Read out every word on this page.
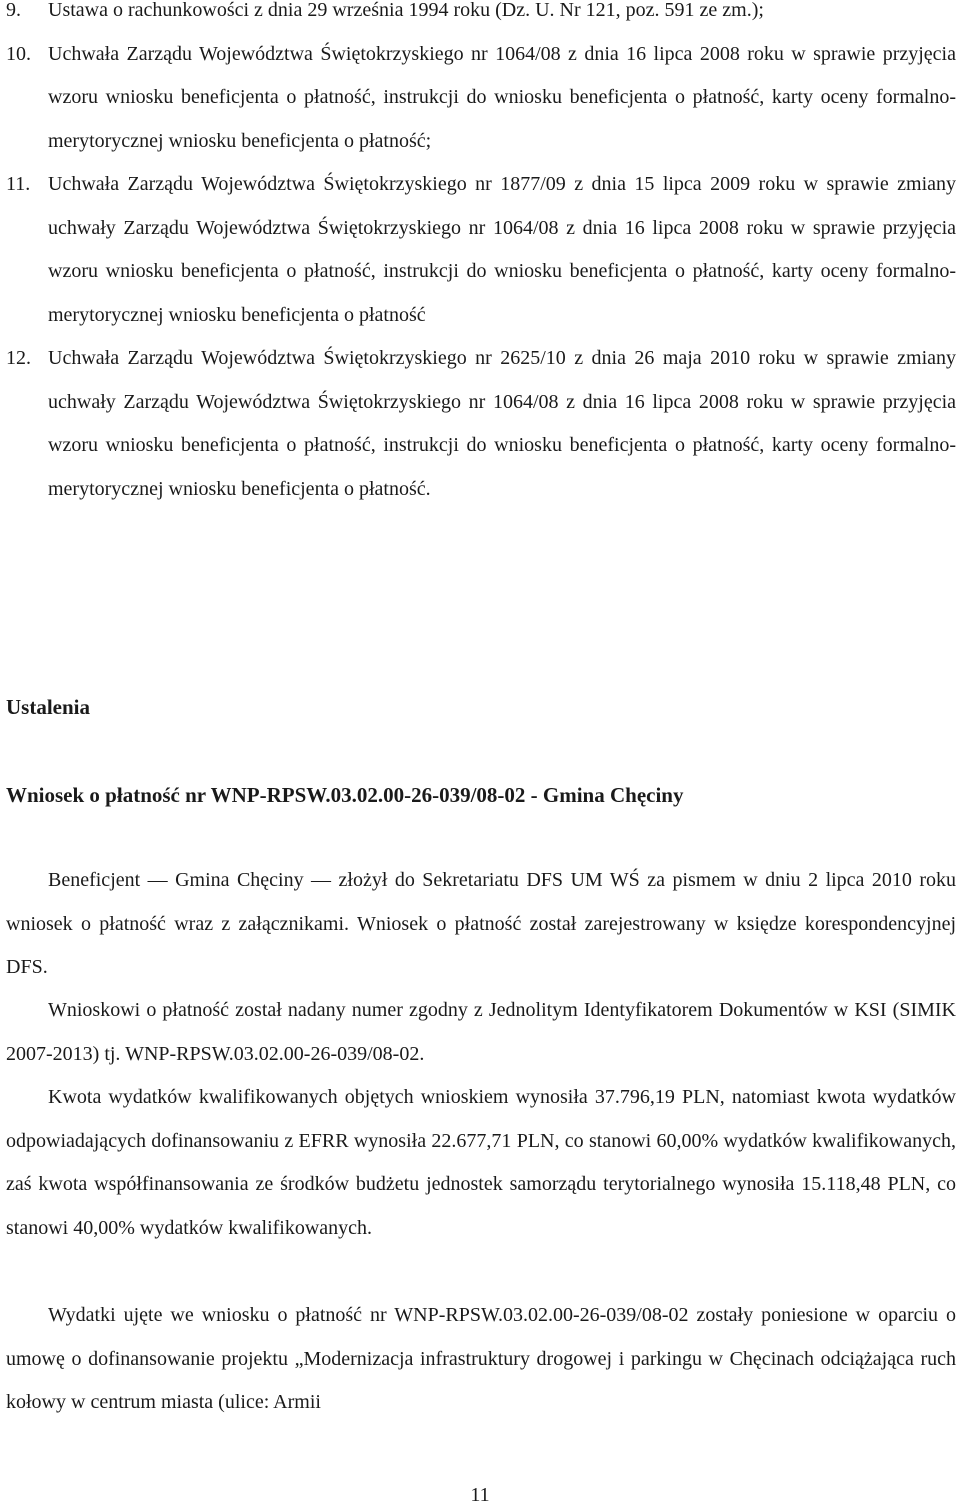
9. Ustawa o rachunkowości z dnia 29 września 1994 roku (Dz. U. Nr 121, poz. 591 ze zm.);
10. Uchwała Zarządu Województwa Świętokrzyskiego nr 1064/08 z dnia 16 lipca 2008 roku w sprawie przyjęcia wzoru wniosku beneficjenta o płatność, instrukcji do wniosku beneficjenta o płatność, karty oceny formalno-merytorycznej wniosku beneficjenta o płatność;
11. Uchwała Zarządu Województwa Świętokrzyskiego nr 1877/09 z dnia 15 lipca 2009 roku w sprawie zmiany uchwały Zarządu Województwa Świętokrzyskiego nr 1064/08 z dnia 16 lipca 2008 roku w sprawie przyjęcia wzoru wniosku beneficjenta o płatność, instrukcji do wniosku beneficjenta o płatność, karty oceny formalno-merytorycznej wniosku beneficjenta o płatność
12. Uchwała Zarządu Województwa Świętokrzyskiego nr 2625/10 z dnia 26 maja 2010 roku w sprawie zmiany uchwały Zarządu Województwa Świętokrzyskiego nr 1064/08 z dnia 16 lipca 2008 roku w sprawie przyjęcia wzoru wniosku beneficjenta o płatność, instrukcji do wniosku beneficjenta o płatność, karty oceny formalno-merytorycznej wniosku beneficjenta o płatność.
Ustalenia
Wniosek o płatność nr WNP-RPSW.03.02.00-26-039/08-02 - Gmina Chęciny
Beneficjent — Gmina Chęciny — złożył do Sekretariatu DFS UM WŚ za pismem w dniu 2 lipca 2010 roku wniosek o płatność wraz z załącznikami. Wniosek o płatność został zarejestrowany w księdze korespondencyjnej DFS.
Wnioskowi o płatność został nadany numer zgodny z Jednolitym Identyfikatorem Dokumentów w KSI (SIMIK 2007-2013) tj. WNP-RPSW.03.02.00-26-039/08-02.
Kwota wydatków kwalifikowanych objętych wnioskiem wynosiła 37.796,19 PLN, natomiast kwota wydatków odpowiadających dofinansowaniu z EFRR wynosiła 22.677,71 PLN, co stanowi 60,00% wydatków kwalifikowanych, zaś kwota współfinansowania ze środków budżetu jednostek samorządu terytorialnego wynosiła 15.118,48 PLN, co stanowi 40,00% wydatków kwalifikowanych.
Wydatki ujęte we wniosku o płatność nr WNP-RPSW.03.02.00-26-039/08-02 zostały poniesione w oparciu o umowę o dofinansowanie projektu „Modernizacja infrastruktury drogowej i parkingu w Chęcinach odciążająca ruch kołowy w centrum miasta (ulice: Armii
11
